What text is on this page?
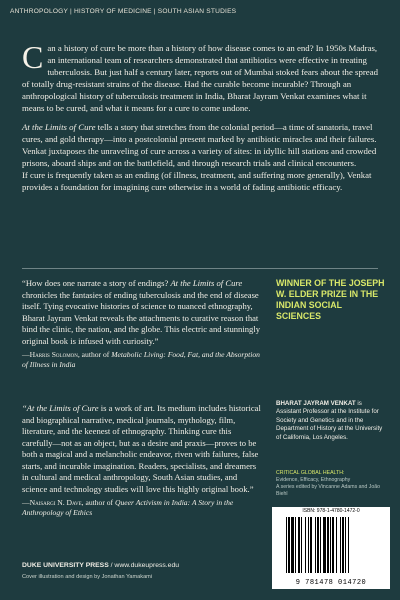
ANTHROPOLOGY | HISTORY OF MEDICINE | SOUTH ASIAN STUDIES

Can a history of cure be more than a history of how disease comes to an end? In 1950s Madras, an international team of researchers demonstrated that antibiotics were effective in treating tuberculosis. But just half a century later, reports out of Mumbai stoked fears about the spread of totally drug-resistant strains of the disease. Had the curable become incurable? Through an anthropological history of tuberculosis treatment in India, Bharat Jayram Venkat examines what it means to be cured, and what it means for a cure to come undone.

At the Limits of Cure tells a story that stretches from the colonial period—a time of sanatoria, travel cures, and gold therapy—into a postcolonial present marked by antibiotic miracles and their failures. Venkat juxtaposes the unraveling of cure across a variety of sites: in idyllic hill stations and crowded prisons, aboard ships and on the battlefield, and through research trials and clinical encounters.

If cure is frequently taken as an ending (of illness, treatment, and suffering more generally), Venkat provides a foundation for imagining cure otherwise in a world of fading antibiotic efficacy.

“How does one narrate a story of endings? At the Limits of Cure chronicles the fantasies of ending tuberculosis and the end of disease itself. Tying evocative histories of science to nuanced ethnography, Bharat Jayram Venkat reveals the attachments to curative reason that bind the clinic, the nation, and the globe. This electric and stunningly original book is infused with curiosity.”
—Harris Solomon, author of Metabolic Living: Food, Fat, and the Absorption of Illness in India
“At the Limits of Cure is a work of art. Its medium includes historical and biographical narrative, medical journals, mythology, film, literature, and the keenest of ethnography. Thinking cure this carefully—not as an object, but as a desire and praxis—proves to be both a magical and a melancholic endeavor, riven with failures, false starts, and incurable imagination. Readers, specialists, and dreamers in cultural and medical anthropology, South Asian studies, and science and technology studies will love this highly original book.”
—Naisargi N. Dave, author of Queer Activism in India: A Story in the Anthropology of Ethics
WINNER OF THE JOSEPH W. ELDER PRIZE IN THE INDIAN SOCIAL SCIENCES
BHARAT JAYRAM VENKAT is Assistant Professor at the Institute for Society and Genetics and in the Department of History at the University of California, Los Angeles.
CRITICAL GLOBAL HEALTH:
Evidence, Efficacy, Ethnography
A series edited by Vincanne Adams and João Biehl
ISBN: 978-1-4780-1472-0
9 781478 014720
DUKE UNIVERSITY PRESS / www.dukeupress.edu
Cover illustration and design by Jonathan Yamakami
